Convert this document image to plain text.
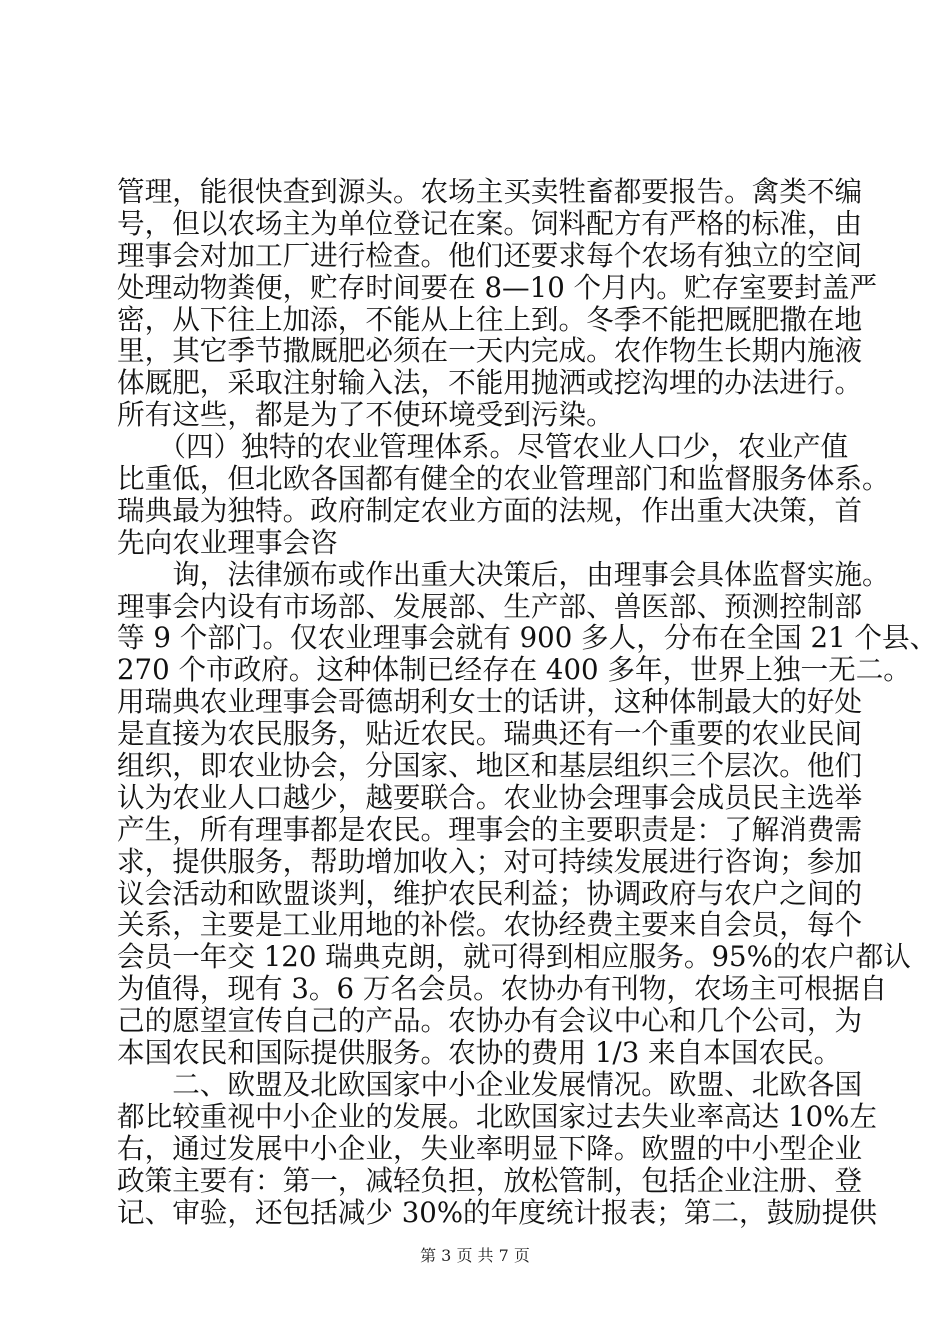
管理，能很快查到源头。农场主买卖牲畜都要报告。禽类不编
号，但以农场主为单位登记在案。饲料配方有严格的标准，由
理事会对加工厂进行检查。他们还要求每个农场有独立的空间
处理动物粪便，贮存时间要在 8—10 个月内。贮存室要封盖严
密，从下往上加添，不能从上往上到。冬季不能把厩肥撒在地
里，其它季节撒厩肥必须在一天内完成。农作物生长期内施液
体厩肥，采取注射输入法，不能用抛洒或挖沟埋的办法进行。
所有这些，都是为了不使环境受到污染。
　　（四）独特的农业管理体系。尽管农业人口少，农业产值
比重低，但北欧各国都有健全的农业管理部门和监督服务体系。
瑞典最为独特。政府制定农业方面的法规，作出重大决策，首
先向农业理事会咨
　　询，法律颁布或作出重大决策后，由理事会具体监督实施。
理事会内设有市场部、发展部、生产部、兽医部、预测控制部
等 9 个部门。仅农业理事会就有 900 多人，分布在全国 21 个县、
270 个市政府。这种体制已经存在 400 多年，世界上独一无二。
用瑞典农业理事会哥德胡利女士的话讲，这种体制最大的好处
是直接为农民服务，贴近农民。瑞典还有一个重要的农业民间
组织，即农业协会，分国家、地区和基层组织三个层次。他们
认为农业人口越少，越要联合。农业协会理事会成员民主选举
产生，所有理事都是农民。理事会的主要职责是：了解消费需
求，提供服务，帮助增加收入；对可持续发展进行咨询；参加
议会活动和欧盟谈判，维护农民利益；协调政府与农户之间的
关系，主要是工业用地的补偿。农协经费主要来自会员，每个
会员一年交 120 瑞典克朗，就可得到相应服务。95%的农户都认
为值得，现有 3。6 万名会员。农协办有刊物，农场主可根据自
己的愿望宣传自己的产品。农协办有会议中心和几个公司，为
本国农民和国际提供服务。农协的费用 1/3 来自本国农民。
　　二、欧盟及北欧国家中小企业发展情况。欧盟、北欧各国
都比较重视中小企业的发展。北欧国家过去失业率高达 10%左
右，通过发展中小企业，失业率明显下降。欧盟的中小型企业
政策主要有：第一，减轻负担，放松管制，包括企业注册、登
记、审验，还包括减少 30%的年度统计报表；第二，鼓励提供
第 3 页 共 7 页
